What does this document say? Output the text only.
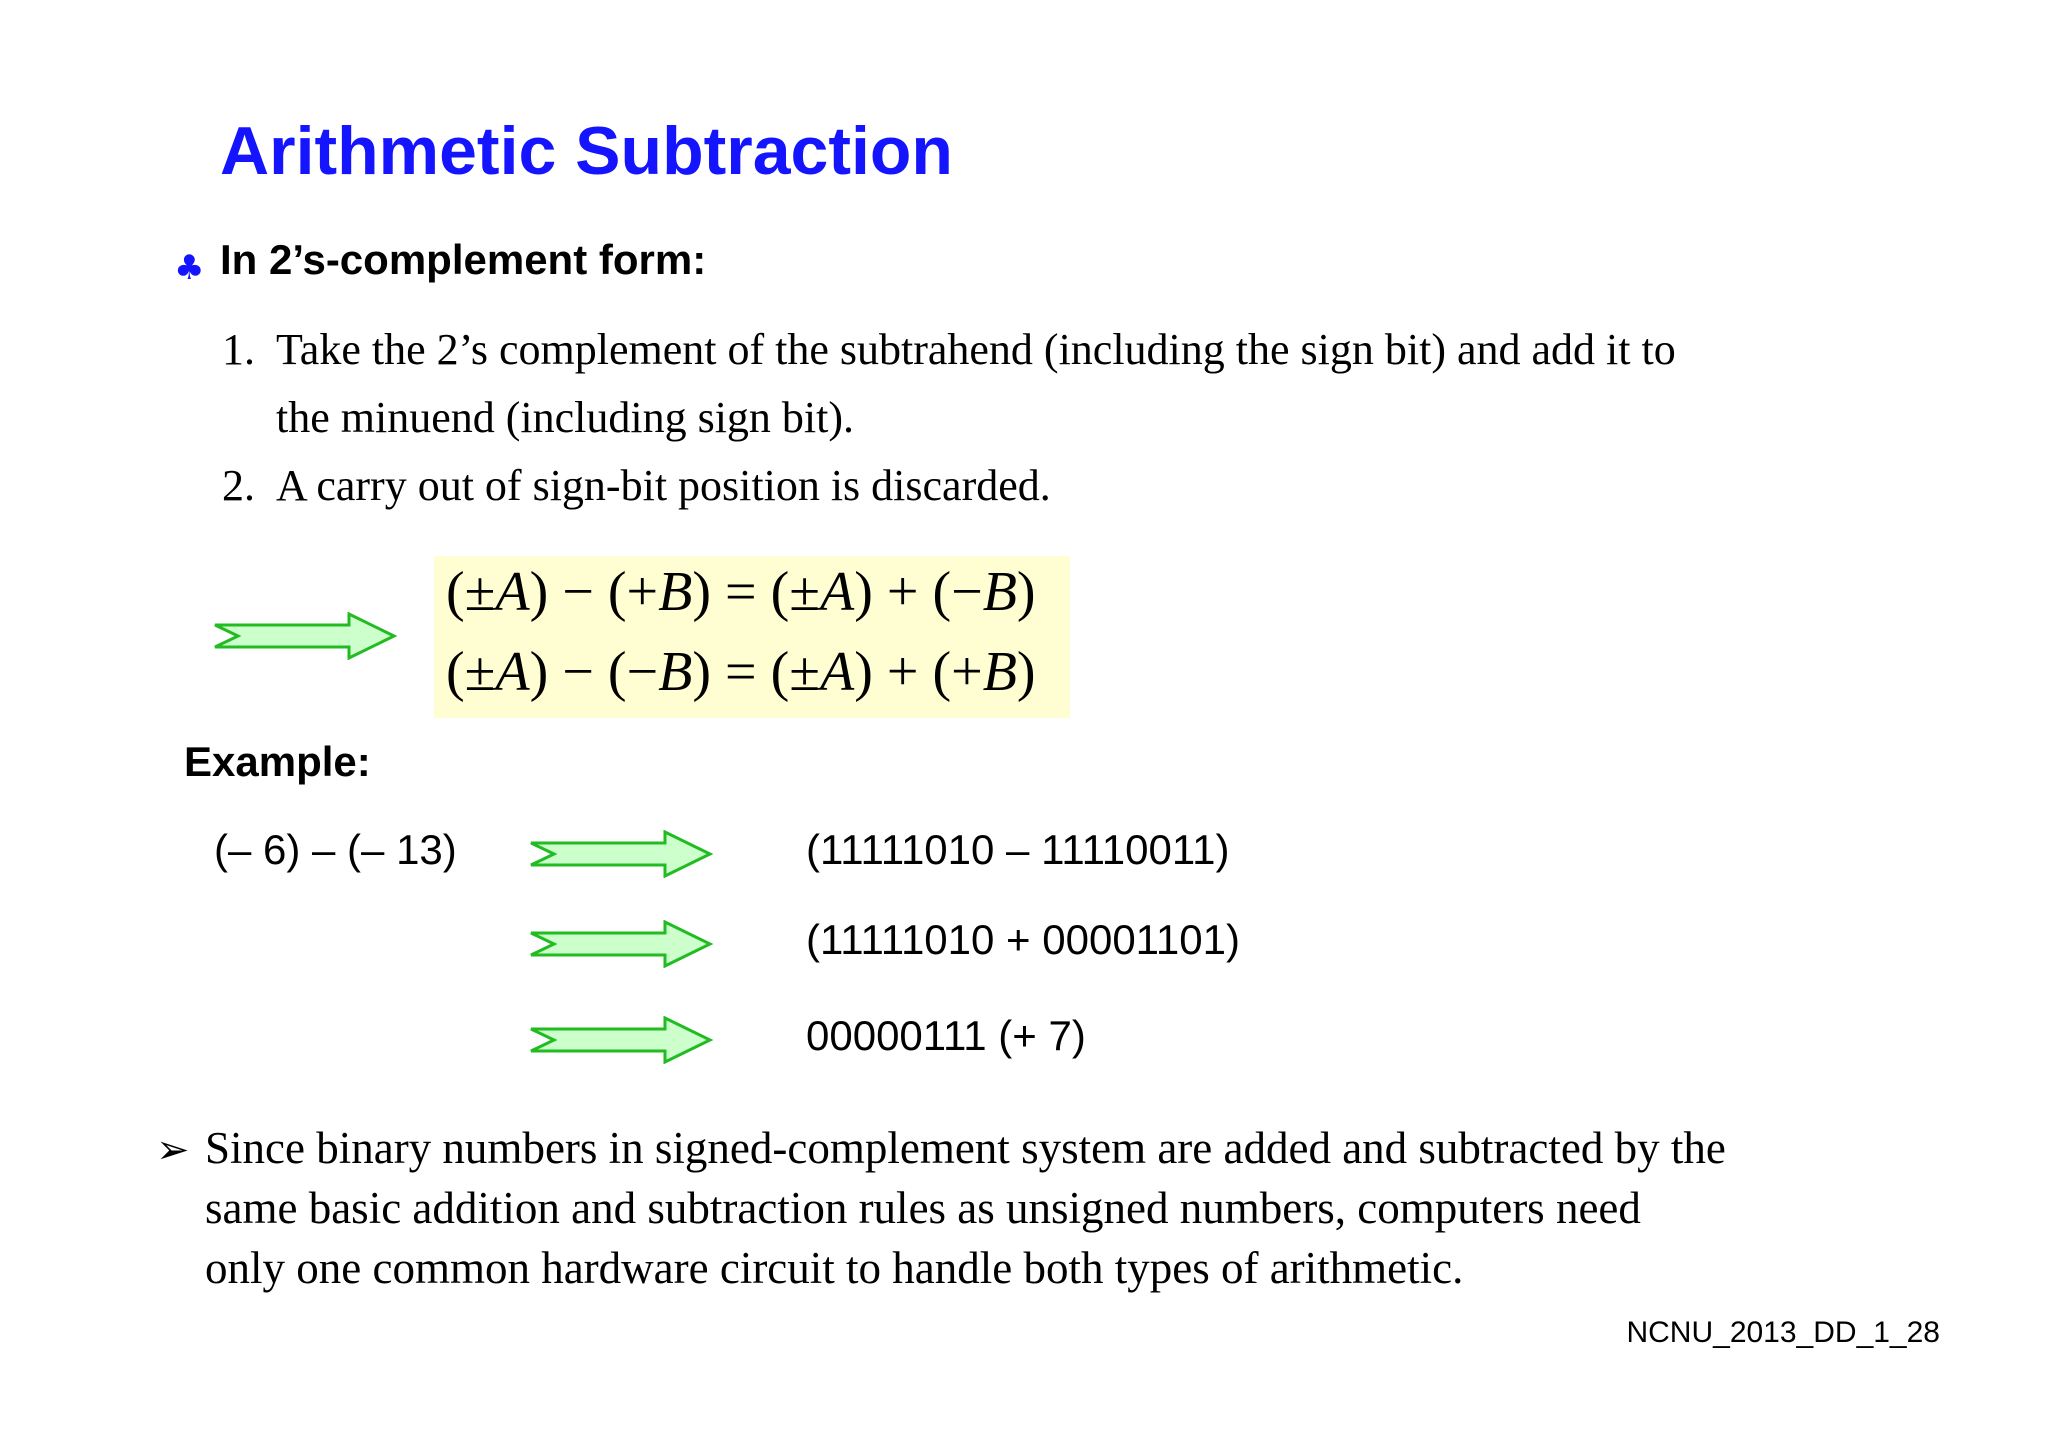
Arithmetic Subtraction
♣ In 2’s-complement form:
1. Take the 2’s complement of the subtrahend (including the sign bit) and add it to
the minuend (including sign bit).
2. A carry out of sign-bit position is discarded.
(±A) − (+B) = (±A) + (−B)
(±A) − (−B) = (±A) + (+B)
Example:
(– 6) – (– 13)	(11111010 – 11110011)
(11111010 + 00001101)
00000111 (+ 7)
➢ Since binary numbers in signed-complement system are added and subtracted by the
same basic addition and subtraction rules as unsigned numbers, computers need
only one common hardware circuit to handle both types of arithmetic.
NCNU_2013_DD_1_28
